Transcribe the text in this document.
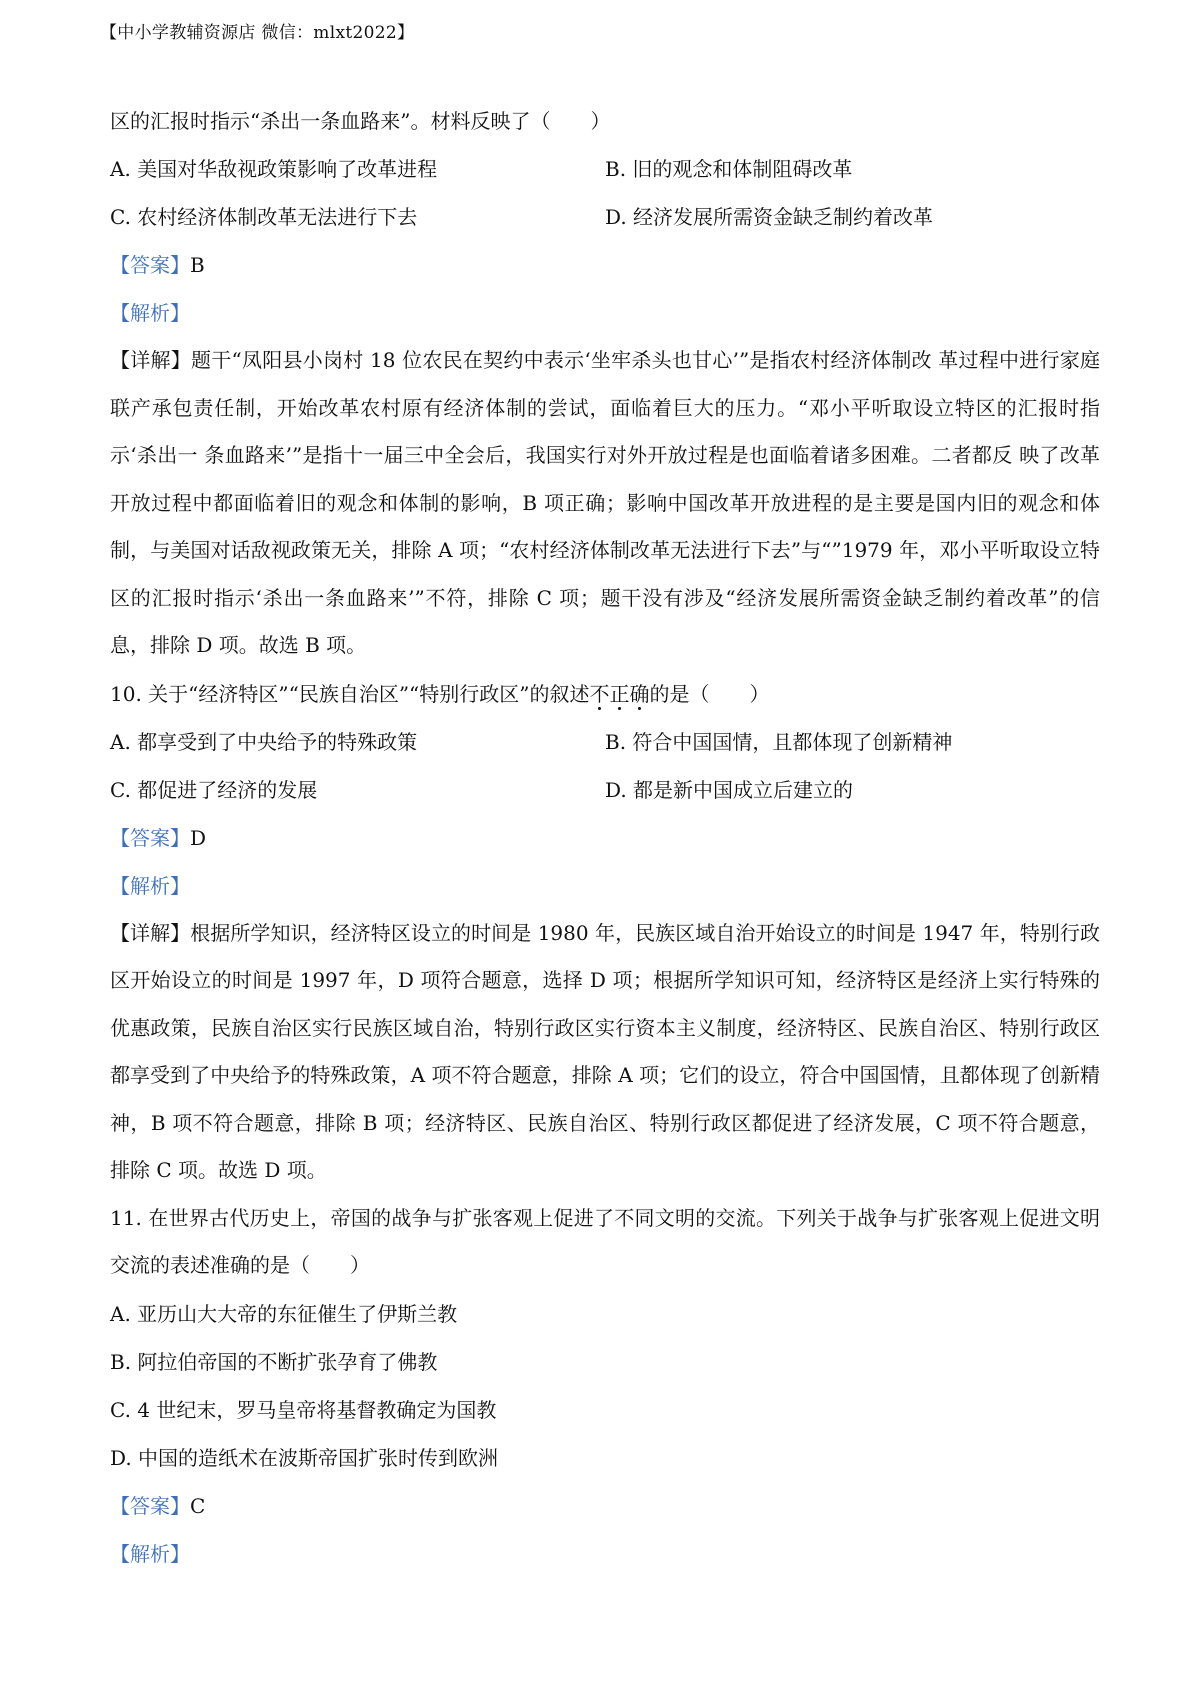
【中小学教辅资源店 微信：mlxt2022】
区的汇报时指示“杀出一条血路来”。材料反映了（　　）
A. 美国对华敌视政策影响了改革进程	B. 旧的观念和体制阻碍改革
C. 农村经济体制改革无法进行下去	D. 经济发展所需资金缺乏制约着改革
【答案】B
【解析】

【详解】题干“凤阳县小岗村 18 位农民在契约中表示‘坐牢杀头也甘心’”是指农村经济体制改 革过程中进行家庭联产承包责任制，开始改革农村原有经济体制的尝试，面临着巨大的压力。“邓小平听取设立特区的汇报时指示‘杀出一 条血路来’”是指十一届三中全会后，我国实行对外开放过程是也面临着诸多困难。二者都反 映了改革开放过程中都面临着旧的观念和体制的影响，B 项正确；影响中国改革开放进程的是主要是国内旧的观念和体制，与美国对话敌视政策无关，排除 A 项；“农村经济体制改革无法进行下去”与“”1979 年，邓小平听取设立特区的汇报时指示‘杀出一条血路来’”不符，排除 C 项；题干没有涉及“经济发展所需资金缺乏制约着改革”的信息，排除 D 项。故选 B 项。

10. 关于“经济特区”“民族自治区”“特别行政区”的叙述不正确的是（　　）
A. 都享受到了中央给予的特殊政策	B. 符合中国国情，且都体现了创新精神
C. 都促进了经济的发展	D. 都是新中国成立后建立的
【答案】D
【解析】

【详解】根据所学知识，经济特区设立的时间是 1980 年，民族区域自治开始设立的时间是 1947 年，特别行政区开始设立的时间是 1997 年，D 项符合题意，选择 D 项；根据所学知识可知，经济特区是经济上实行特殊的优惠政策，民族自治区实行民族区域自治，特别行政区实行资本主义制度，经济特区、民族自治区、特别行政区都享受到了中央给予的特殊政策，A 项不符合题意，排除 A 项；它们的设立，符合中国国情，且都体现了创新精神，B 项不符合题意，排除 B 项；经济特区、民族自治区、特别行政区都促进了经济发展，C 项不符合题意，排除 C 项。故选 D 项。

11. 在世界古代历史上，帝国的战争与扩张客观上促进了不同文明的交流。下列关于战争与扩张客观上促进文明交流的表述准确的是（　　）

A. 亚历山大大帝的东征催生了伊斯兰教
B. 阿拉伯帝国的不断扩张孕育了佛教
C. 4 世纪末，罗马皇帝将基督教确定为国教
D. 中国的造纸术在波斯帝国扩张时传到欧洲
【答案】C
【解析】
